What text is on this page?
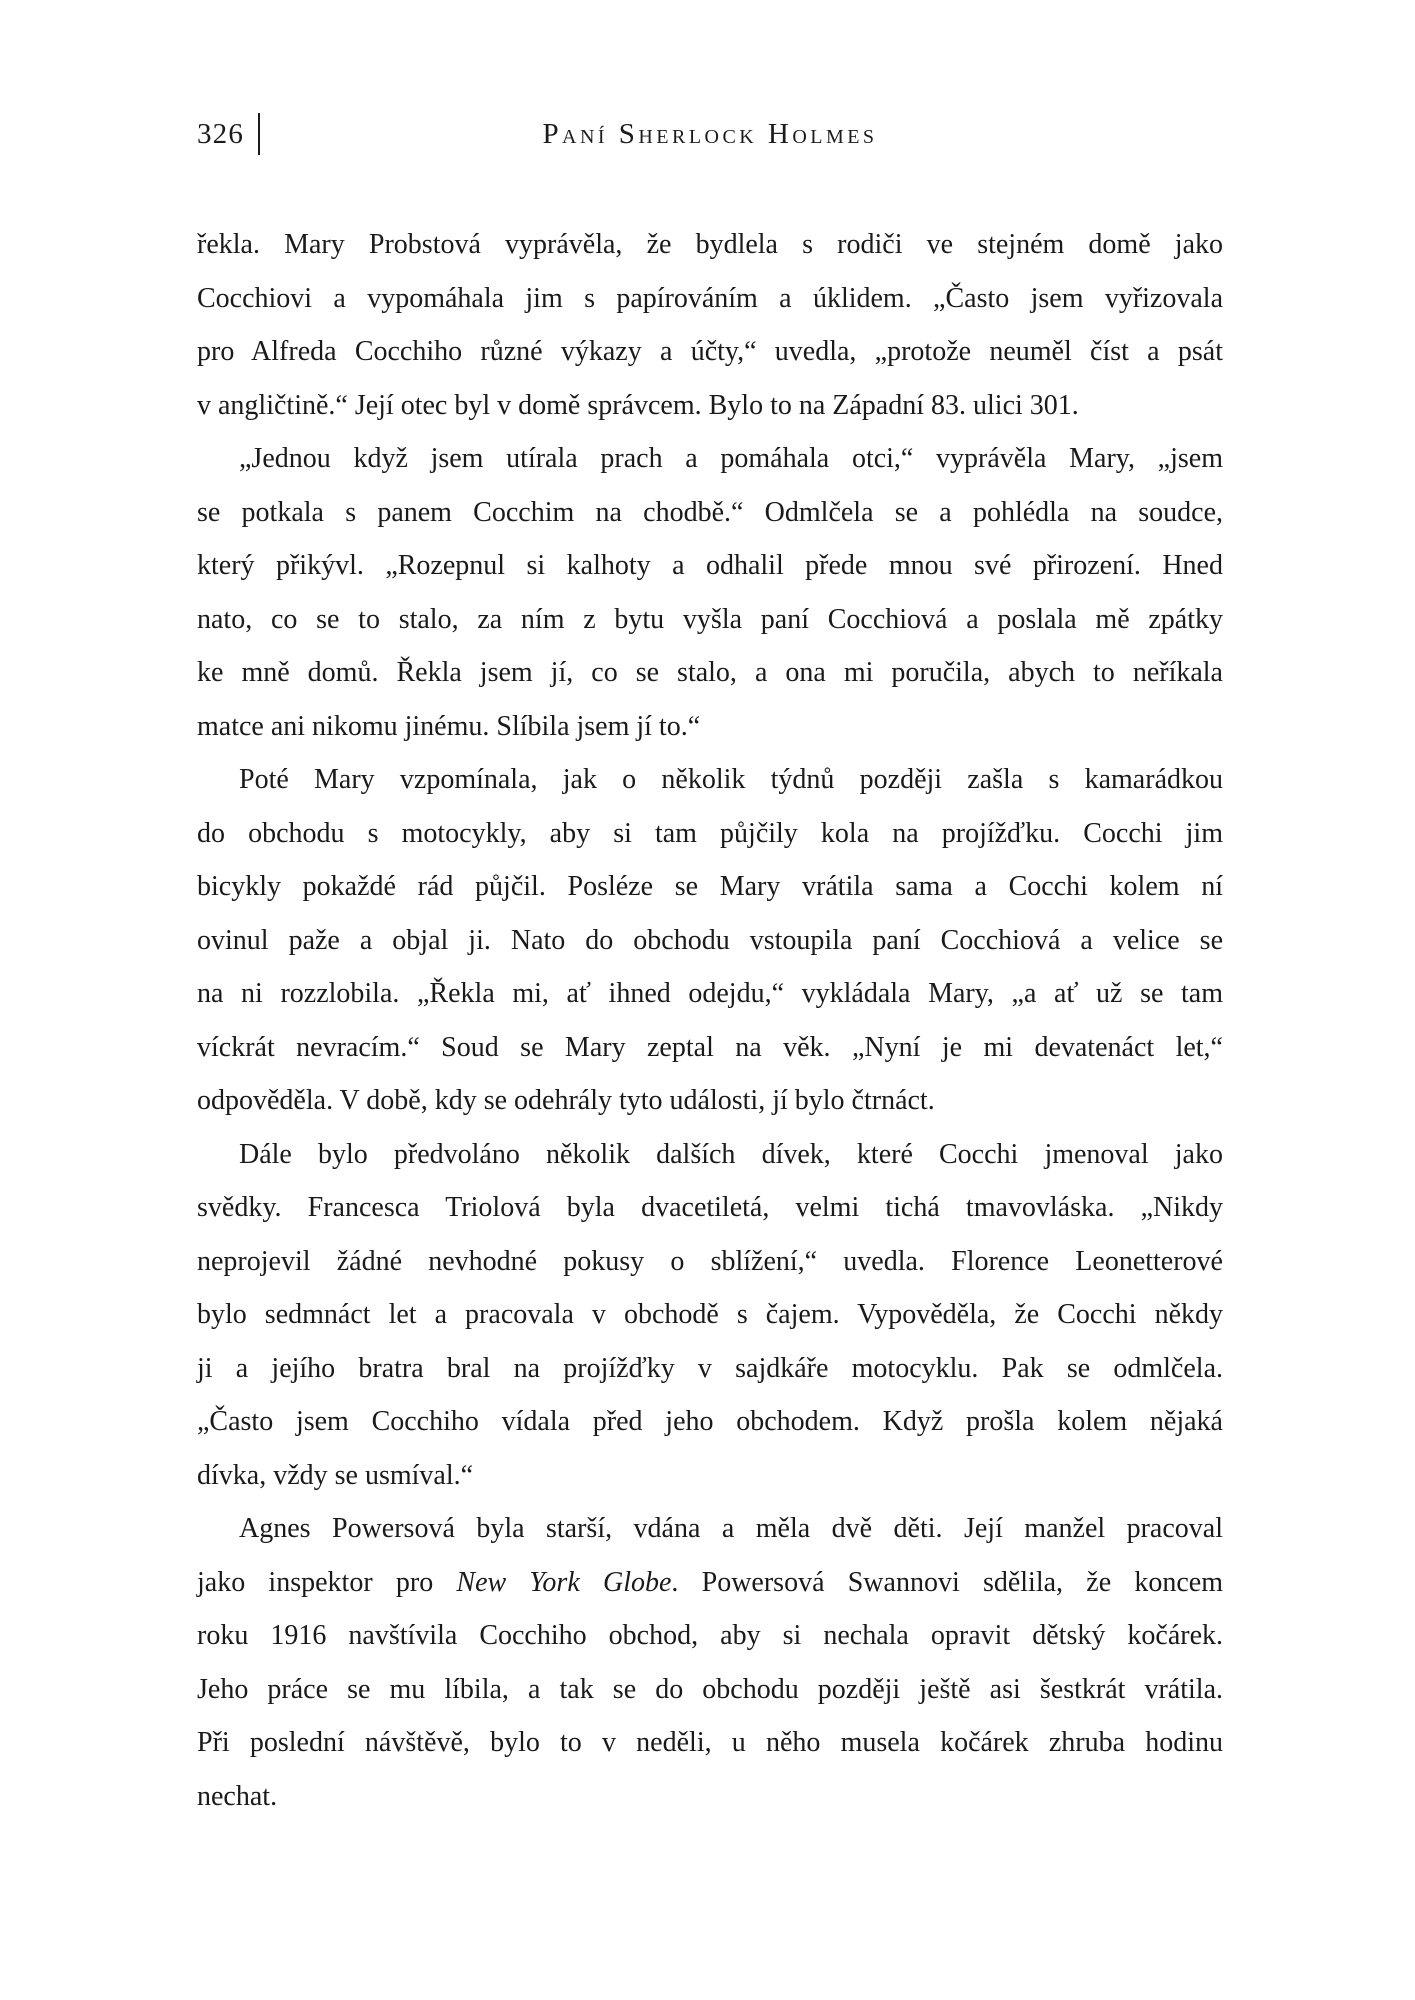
326	Paní Sherlock Holmes
řekla. Mary Probstová vyprávěla, že bydlela s rodiči ve stejném domě jako
Cocchiovi a vypomáhala jim s papírováním a úklidem. „Často jsem vyřizovala
pro Alfreda Cocchiho různé výkazy a účty,“ uvedla, „protože neuměl číst a psát
v angličtině.“ Její otec byl v domě správcem. Bylo to na Západní 83. ulici 301.
„Jednou když jsem utírala prach a pomáhala otci,“ vyprávěla Mary, „jsem
se potkala s panem Cocchim na chodbě.“ Odmlčela se a pohlédla na soudce,
který přikývl. „Rozepnul si kalhoty a odhalil přede mnou své přirození. Hned
nato, co se to stalo, za ním z bytu vyšla paní Cocchiová a poslala mě zpátky
ke mně domů. Řekla jsem jí, co se stalo, a ona mi poručila, abych to neříkala
matce ani nikomu jinému. Slíbila jsem jí to.“
Poté Mary vzpomínala, jak o několik týdnů později zašla s kamarádkou
do obchodu s motocykly, aby si tam půjčily kola na projížďku. Cocchi jim
bicykly pokaždé rád půjčil. Posléze se Mary vrátila sama a Cocchi kolem ní
ovinul paže a objal ji. Nato do obchodu vstoupila paní Cocchiová a velice se
na ni rozzlobila. „Řekla mi, ať ihned odejdu,“ vykládala Mary, „a ať už se tam
víckrát nevracím.“ Soud se Mary zeptal na věk. „Nyní je mi devatenáct let,“
odpověděla. V době, kdy se odehrály tyto události, jí bylo čtrnáct.
Dále bylo předvoláno několik dalších dívek, které Cocchi jmenoval jako
svědky. Francesca Triolová byla dvacetiletá, velmi tichá tmavovláska. „Nikdy
neprojevil žádné nevhodné pokusy o sblížení,“ uvedla. Florence Leonetterové
bylo sedmnáct let a pracovala v obchodě s čajem. Vypověděla, že Cocchi někdy
ji a jejího bratra bral na projížďky v sajdkáře motocyklu. Pak se odmlčela.
„Často jsem Cocchiho vídala před jeho obchodem. Když prošla kolem nějaká
dívka, vždy se usmíval.“
Agnes Powersová byla starší, vdána a měla dvě děti. Její manžel pracoval
jako inspektor pro New York Globe. Powersová Swannovi sdělila, že koncem
roku 1916 navštívila Cocchiho obchod, aby si nechala opravit dětský kočárek.
Jeho práce se mu líbila, a tak se do obchodu později ještě asi šestkrát vrátila.
Při poslední návštěvě, bylo to v neděli, u něho musela kočárek zhruba hodinu
nechat.
